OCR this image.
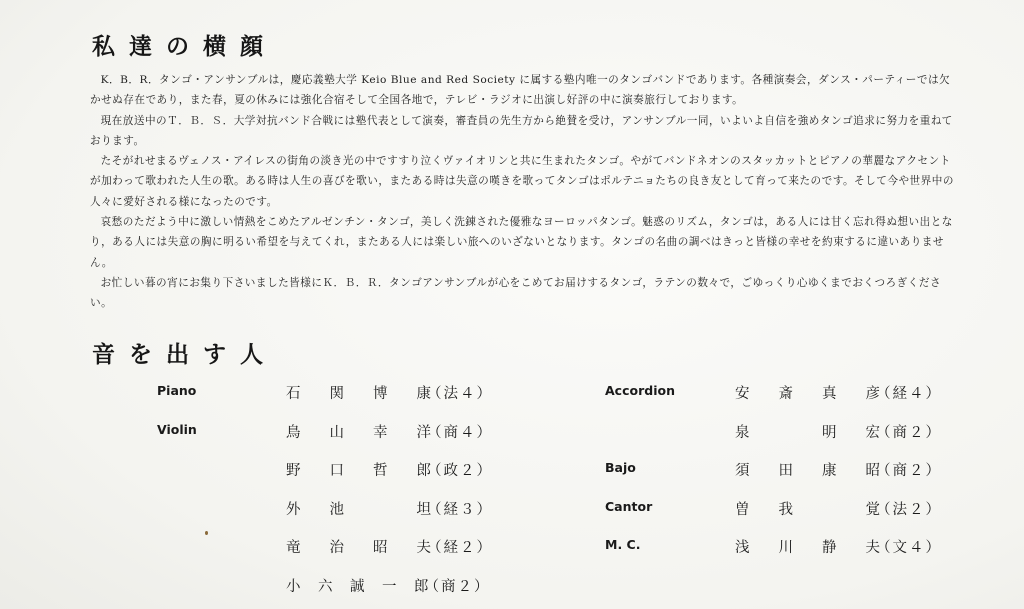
私達の横顔

K．B．R．タンゴ・アンサンブルは，慶応義塾大学 Keio Blue and Red Society に属する塾内唯一のタンゴバンドであります。各種演奏会，ダンス・パーティーでは欠かせぬ存在であり，また春，夏の休みには強化合宿そして全国各地で，テレビ・ラジオに出演し好評の中に演奏旅行しております。

現在放送中のＴ．Ｂ．Ｓ．大学対抗バンド合戦には塾代表として演奏，審査員の先生方から絶賛を受け，アンサンブル一同，いよいよ自信を強めタンゴ追求に努力を重ねております。

たそがれせまるヴェノス・アイレスの街角の淡き光の中ですすり泣くヴァイオリンと共に生まれたタンゴ。やがてバンドネオンのスタッカットとピアノの華麗なアクセントが加わって歌われた人生の歌。ある時は人生の喜びを歌い，またある時は失意の嘆きを歌ってタンゴはポルテニョたちの良き友として育って来たのです。そして今や世界中の人々に愛好される様になったのです。

哀愁のただよう中に激しい情熱をこめたアルゼンチン・タンゴ，美しく洗錬された優雅なヨーロッパタンゴ。魅惑のリズム，タンゴは，ある人には甘く忘れ得ぬ想い出となり，ある人には失意の胸に明るい希望を与えてくれ，またある人には楽しい旅へのいざないとなります。タンゴの名曲の調べはきっと皆様の幸せを約束するに違いありません。

お忙しい暮の宵にお集り下さいました皆様にＫ．Ｂ．Ｒ．タンゴアンサンブルが心をこめてお届けするタンゴ，ラテンの数々で，ごゆっくり心ゆくまでおくつろぎください。

音を出す人
Piano	石 関 博 康（法４）
Violin	鳥 山 幸 洋（商４）
野 口 哲 郎（政２）
外 池	坦（経３）
竜 治 昭 夫（経２）
小 六 誠 一 郎（商２）
Accordion	安 斎 真 彦（経４）
泉	明 宏（商２）
Bajo	須 田 康 昭（商２）
Cantor	曽 我	覚（法２）
M. C.	浅 川 静 夫（文４）
